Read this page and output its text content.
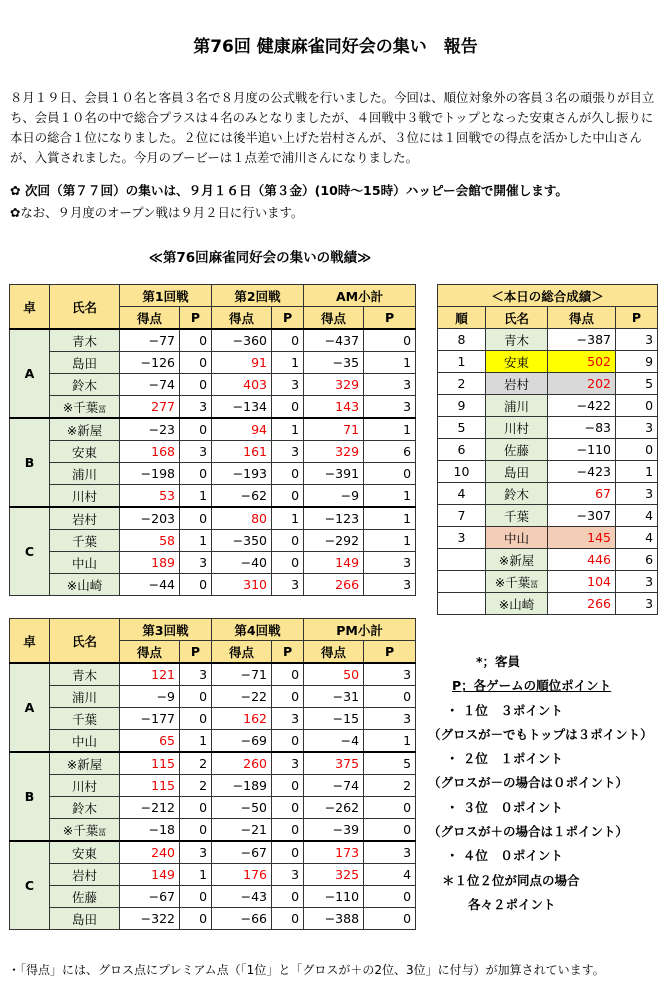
第76回 健康麻雀同好会の集い　報告

８月１９日、会員１０名と客員３名で８月度の公式戦を行いました。今回は、順位対象外の客員３名の頑張りが目立ち、会員１０名の中で総合プラスは４名のみとなりましたが、４回戦中３戦でトップとなった安東さんが久し振りに本日の総合１位になりました。２位には後半追い上げた岩村さんが、３位には１回戦での得点を活かした中山さんが、入賞されました。今月のブービーは１点差で浦川さんになりました。

✿ 次回（第７７回）の集いは、９月１６日（第３金）(10時～15時）ハッピー会館で開催します。

✿なお、９月度のオープン戦は９月２日に行います。

≪第76回麻雀同好会の集いの戦績≫
卓	氏名	第1回戦		第2回戦		AM小計	
		得点	P	得点	P	得点	P
A	青木	−77	0	−360	0	−437	0
	島田	−126	0	91	1	−35	1
	鈴木	−74	0	403	3	329	3
	※千葉冨	277	3	−134	0	143	3
B	※新屋	−23	0	94	1	71	1
	安東	168	3	161	3	329	6
	浦川	−198	0	−193	0	−391	0
	川村	53	1	−62	0	−9	1
C	岩村	−203	0	80	1	−123	1
	千葉	58	1	−350	0	−292	1
	中山	189	3	−40	0	149	3
	※山崎	−44	0	310	3	266	3
卓	氏名	第3回戦		第4回戦		PM小計	
		得点	P	得点	P	得点	P
A	青木	121	3	−71	0	50	3
	浦川	−9	0	−22	0	−31	0
	千葉	−177	0	162	3	−15	3
	中山	65	1	−69	0	−4	1
B	※新屋	115	2	260	3	375	5
	川村	115	2	−189	0	−74	2
	鈴木	−212	0	−50	0	−262	0
	※千葉冨	−18	0	−21	0	−39	0
C	安東	240	3	−67	0	173	3
	岩村	149	1	176	3	325	4
	佐藤	−67	0	−43	0	−110	0
	島田	−322	0	−66	0	−388	0
＜本日の総合成績＞			
順	氏名	得点	P
8	青木	−387	3
1	安東	502	9
2	岩村	202	5
9	浦川	−422	0
5	川村	−83	3
6	佐藤	−110	0
10	島田	−423	1
4	鈴木	67	3
7	千葉	−307	4
3	中山	145	4
	※新屋	446	6
	※千葉冨	104	3
	※山崎	266	3
*；客員
P；各ゲームの順位ポイント
・ １位　３ポイント
（グロスが－でもトップは３ポイント）
・ ２位　１ポイント
（グロスが－の場合は０ポイント）
・ ３位　０ポイント
（グロスが＋の場合は１ポイント）
・ ４位　０ポイント
＊１位２位が同点の場合
各々２ポイント
・「得点」には、グロス点にプレミアム点（「1位」と「グロスが＋の2位、3位」に付与）が加算されています。
